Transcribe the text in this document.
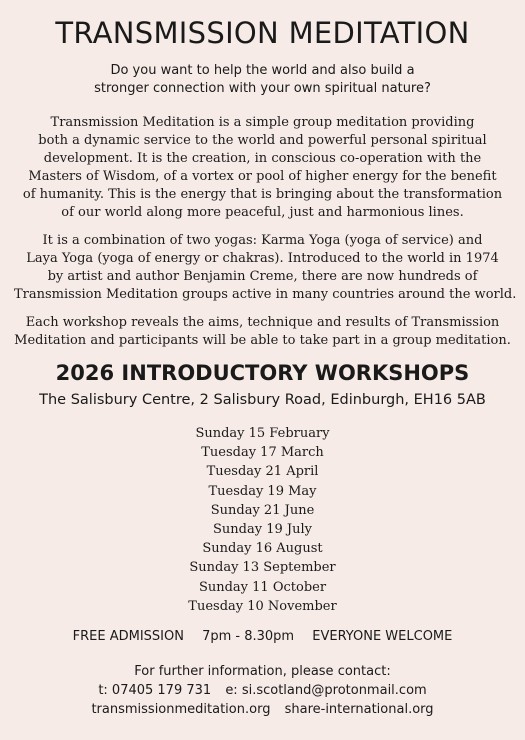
TRANSMISSION MEDITATION

Do you want to help the world and also build a
stronger connection with your own spiritual nature?

Transmission Meditation is a simple group meditation providing
both a dynamic service to the world and powerful personal spiritual
development. It is the creation, in conscious co-operation with the
Masters of Wisdom, of a vortex or pool of higher energy for the benefit
of humanity. This is the energy that is bringing about the transformation
of our world along more peaceful, just and harmonious lines.

It is a combination of two yogas: Karma Yoga (yoga of service) and
Laya Yoga (yoga of energy or chakras). Introduced to the world in 1974
by artist and author Benjamin Creme, there are now hundreds of
Transmission Meditation groups active in many countries around the world.

Each workshop reveals the aims, technique and results of Transmission
Meditation and participants will be able to take part in a group meditation.

2026 INTRODUCTORY WORKSHOPS
The Salisbury Centre, 2 Salisbury Road, Edinburgh, EH16 5AB
Sunday 15 February
Tuesday 17 March
Tuesday 21 April
Tuesday 19 May
Sunday 21 June
Sunday 19 July
Sunday 16 August
Sunday 13 September
Sunday 11 October
Tuesday 10 November
FREE ADMISSION 7pm - 8.30pm EVERYONE WELCOME
For further information, please contact:
t: 07405 179 731 e: si.scotland@protonmail.com
transmissionmeditation.org share-international.org
